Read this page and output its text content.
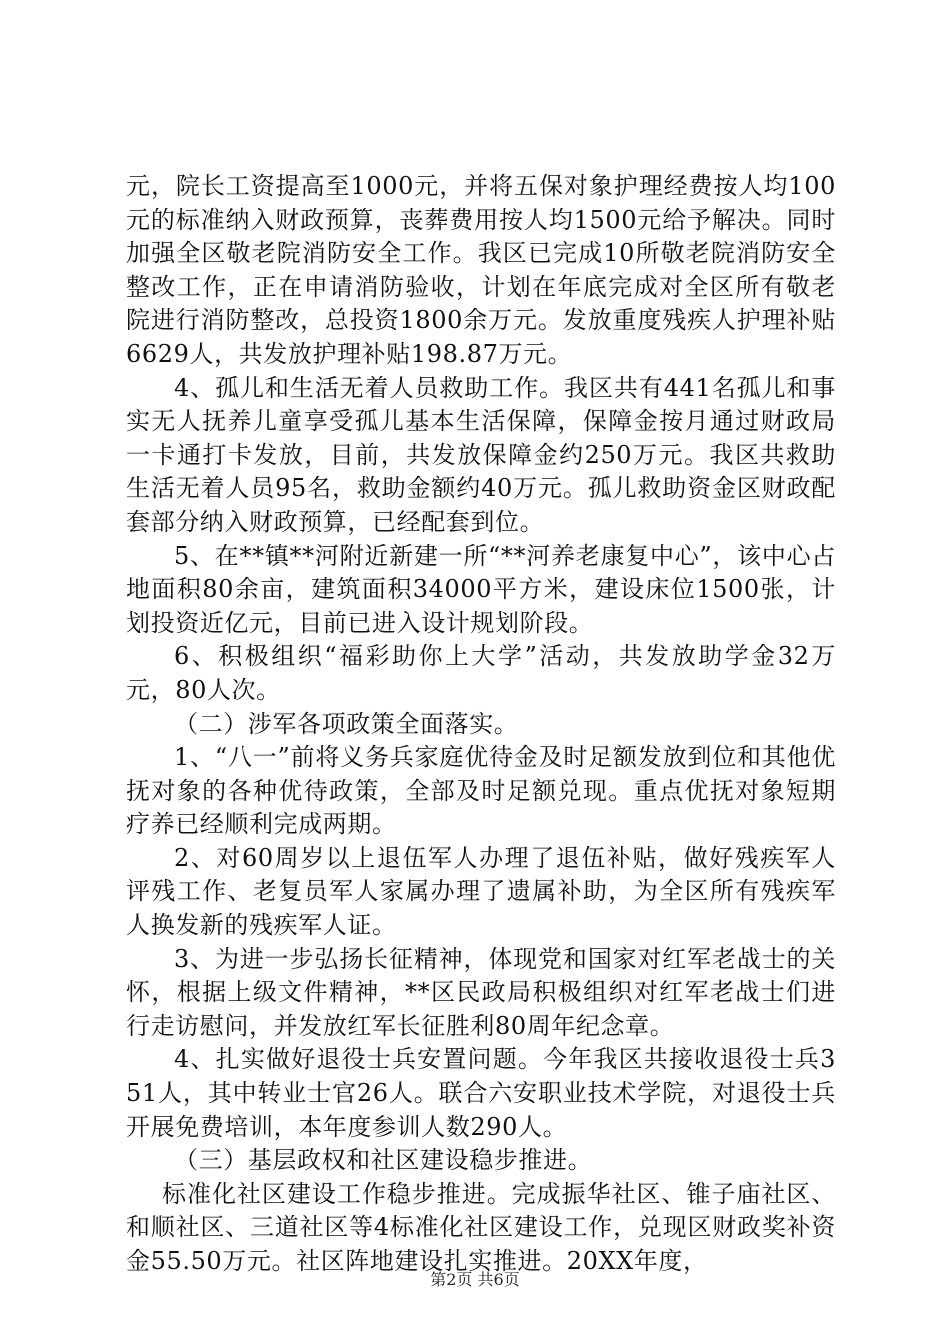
元，院长工资提高至1000元，并将五保对象护理经费按人均100元的标准纳入财政预算，丧葬费用按人均1500元给予解决。同时加强全区敬老院消防安全工作。我区已完成10所敬老院消防安全整改工作，正在申请消防验收，计划在年底完成对全区所有敬老院进行消防整改，总投资1800余万元。发放重度残疾人护理补贴6629人，共发放护理补贴198.87万元。

4、孤儿和生活无着人员救助工作。我区共有441名孤儿和事实无人抚养儿童享受孤儿基本生活保障，保障金按月通过财政局一卡通打卡发放，目前，共发放保障金约250万元。我区共救助生活无着人员95名，救助金额约40万元。孤儿救助资金区财政配套部分纳入财政预算，已经配套到位。

5、在**镇**河附近新建一所“**河养老康复中心”，该中心占地面积80余亩，建筑面积34000平方米，建设床位1500张，计划投资近亿元，目前已进入设计规划阶段。

6、积极组织“福彩助你上大学”活动，共发放助学金32万元，80人次。

（二）涉军各项政策全面落实。

1、“八一”前将义务兵家庭优待金及时足额发放到位和其他优抚对象的各种优待政策，全部及时足额兑现。重点优抚对象短期疗养已经顺利完成两期。

2、对60周岁以上退伍军人办理了退伍补贴，做好残疾军人评残工作、老复员军人家属办理了遗属补助，为全区所有残疾军人换发新的残疾军人证。

3、为进一步弘扬长征精神，体现党和国家对红军老战士的关怀，根据上级文件精神，**区民政局积极组织对红军老战士们进行走访慰问，并发放红军长征胜利80周年纪念章。

4、扎实做好退役士兵安置问题。今年我区共接收退役士兵351人，其中转业士官26人。联合六安职业技术学院，对退役士兵开展免费培训，本年度参训人数290人。

（三）基层政权和社区建设稳步推进。

标准化社区建设工作稳步推进。完成振华社区、锥子庙社区、和顺社区、三道社区等4标准化社区建设工作，兑现区财政奖补资金55.50万元。社区阵地建设扎实推进。20XX年度，

第2页 共6页
